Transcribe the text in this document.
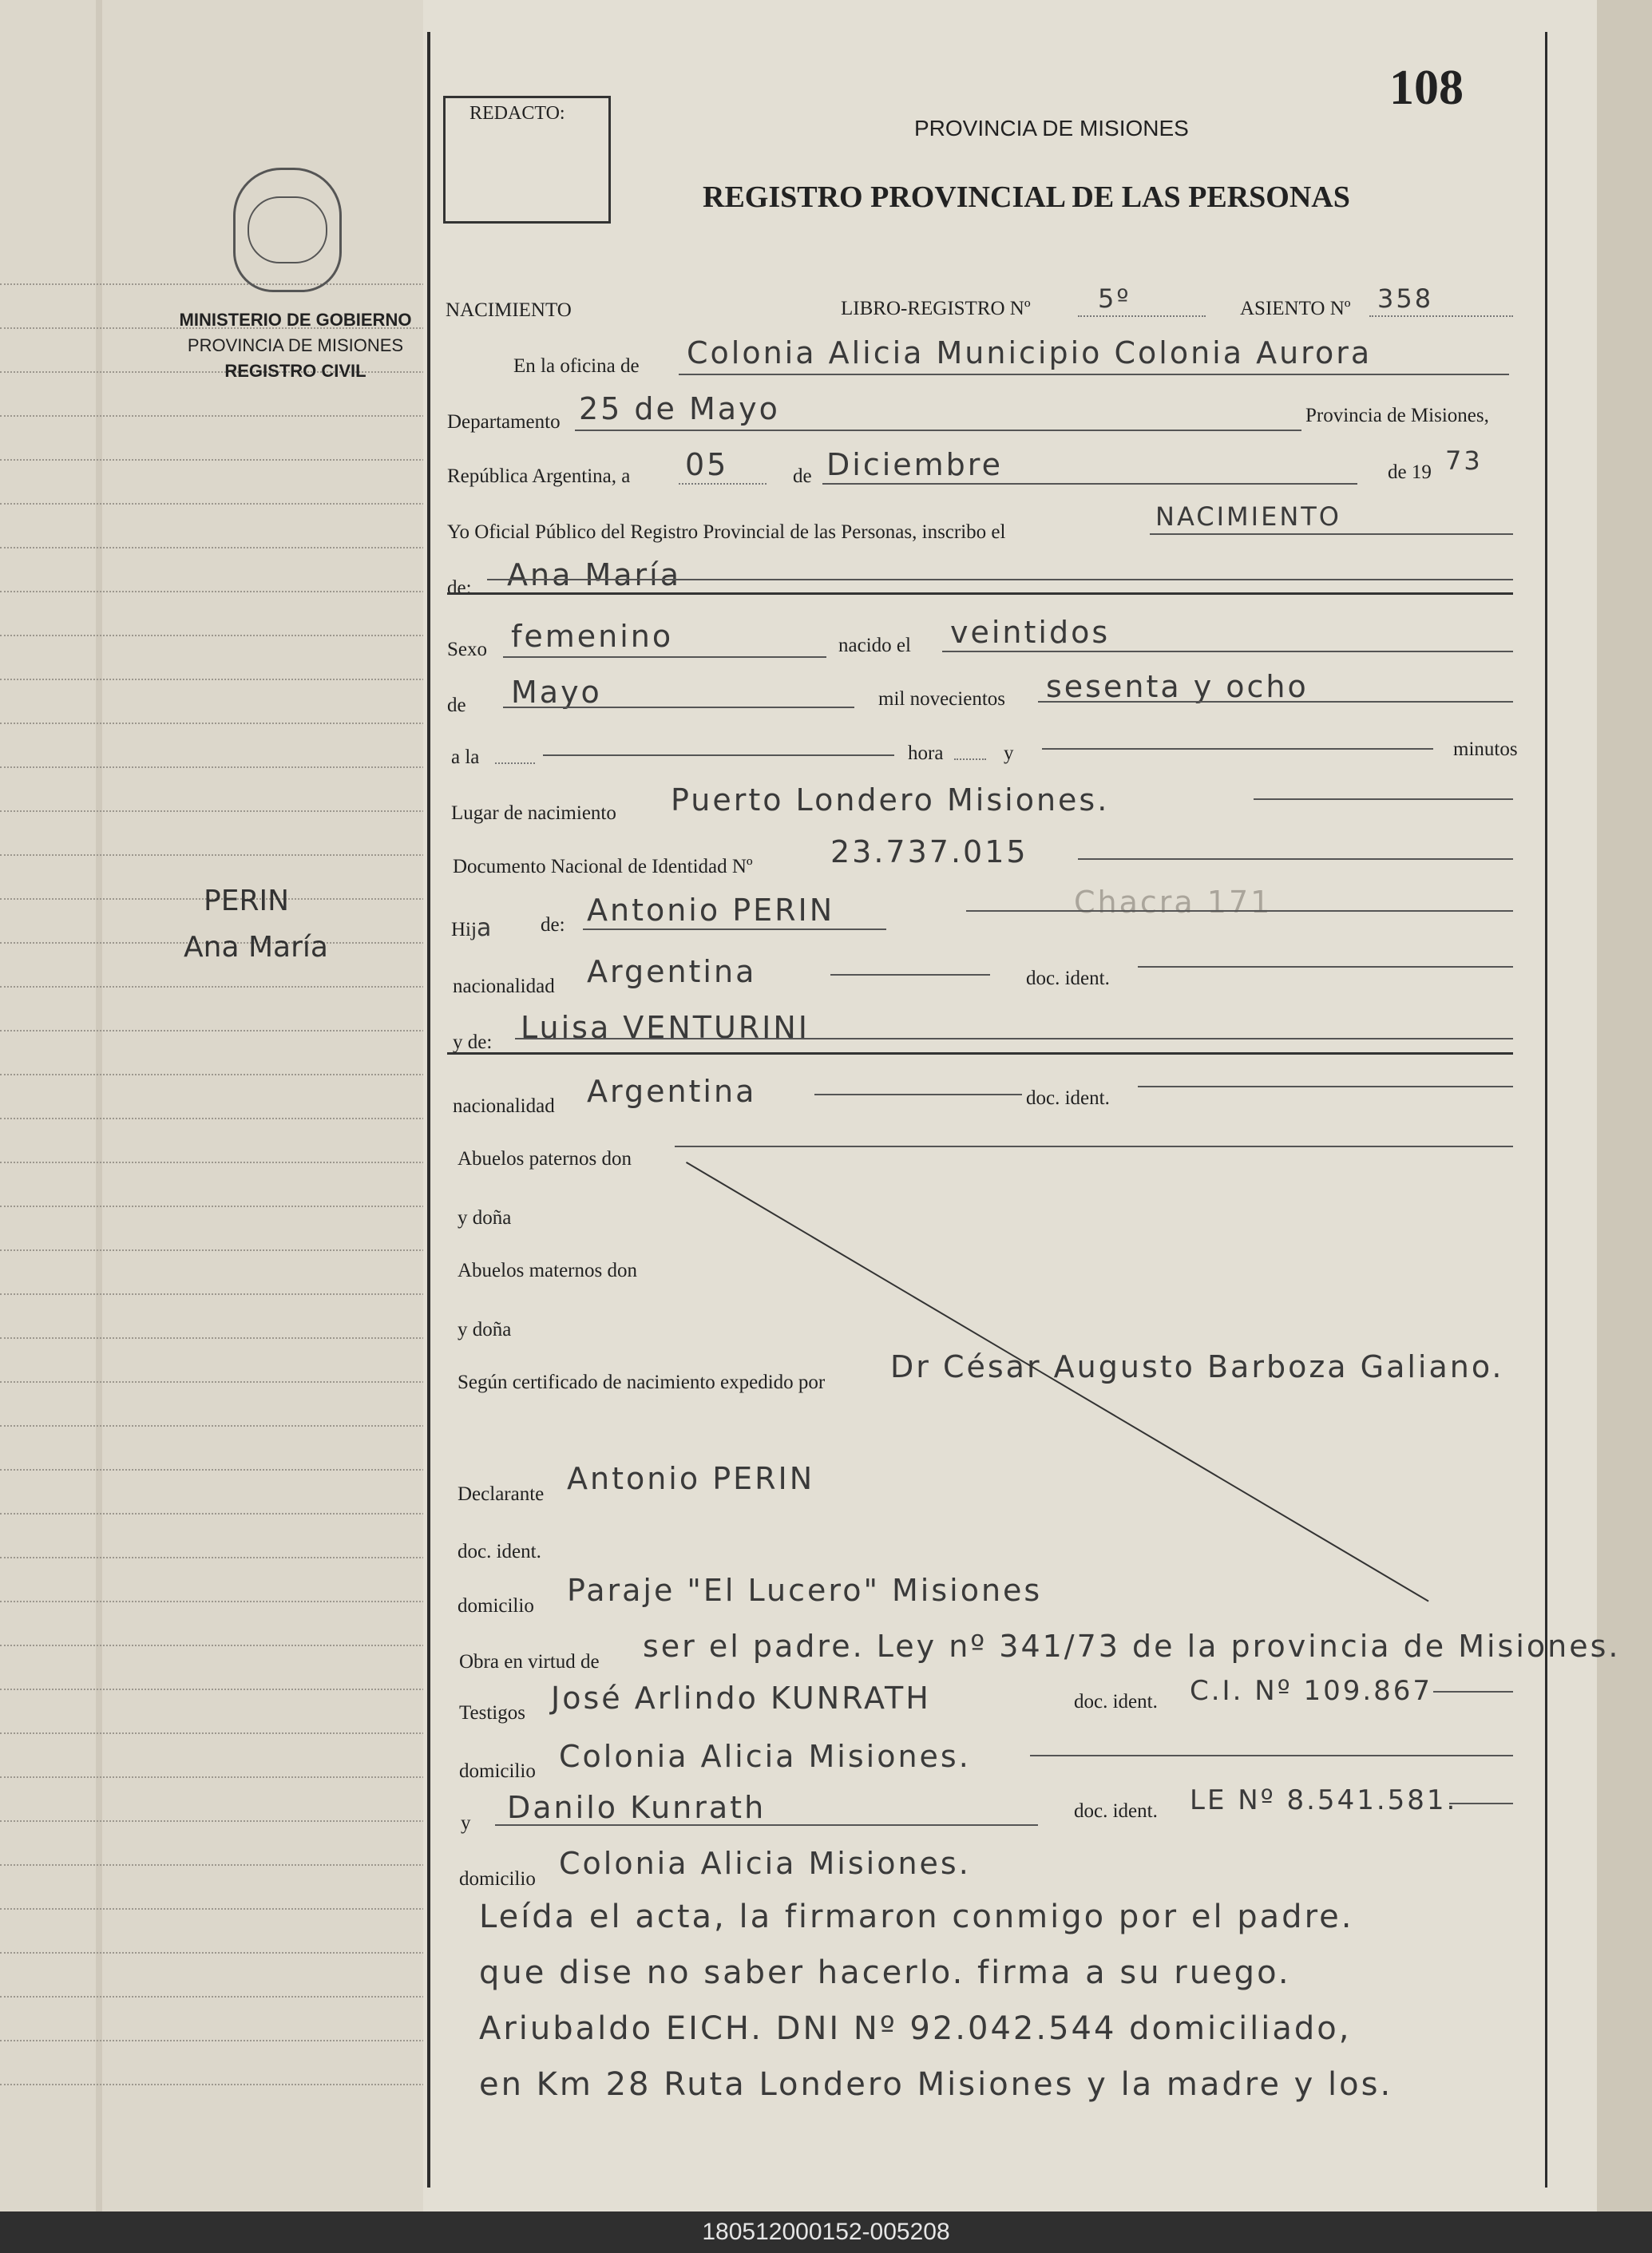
MINISTERIO DE GOBIERNO
PROVINCIA DE MISIONES
REGISTRO CIVIL
PERIN
Ana María
REDACTO:	108
PROVINCIA DE MISIONES
REGISTRO PROVINCIAL DE LAS PERSONAS
NACIMIENTO	LIBRO-REGISTRO Nº	5º	ASIENTO Nº 358
En la oficina de Colonia Alicia Municipio Colonia Aurora
Departamento 25 de Mayo	Provincia de Misiones,
República Argentina, a 05	de Diciembre	de 19 73
Yo Oficial Público del Registro Provincial de las Personas, inscribo el
NACIMIENTO
de: Ana María
Sexo femenino	nacido el veintidos
de Mayo	mil novecientos sesenta y ocho
a la	hora	y	minutos
Lugar de nacimiento Puerto Londero Misiones.
Documento Nacional de Identidad Nº	23.737.015
Hija de: Antonio PERIN	Chacra 171
nacionalidad Argentina	doc. ident.
y de: Luisa VENTURINI
nacionalidad Argentina	doc. ident.
Abuelos paternos don
y doña
Abuelos maternos don
y doña
Según certificado de nacimiento expedido por Dr César Augusto Barboza Galiano.
Declarante Antonio PERIN
doc. ident.
domicilio Paraje "El Lucero" Misiones
Obra en virtud de ser el padre. Ley nº 341/73 de la provincia de Misiones.
Testigos José Arlindo KUNRATH	doc. ident. C.I. Nº 109.867
domicilio Colonia Alicia Misiones.
y Danilo Kunrath	doc. ident. LE Nº 8.541.581.
domicilio Colonia Alicia Misiones.
Leída el acta, la firmaron conmigo por el padre.
que dise no saber hacerlo. firma a su ruego.
Ariubaldo EICH. DNI Nº 92.042.544 domiciliado,
en Km 28 Ruta Londero Misiones y la madre y los.
180512000152-005208
